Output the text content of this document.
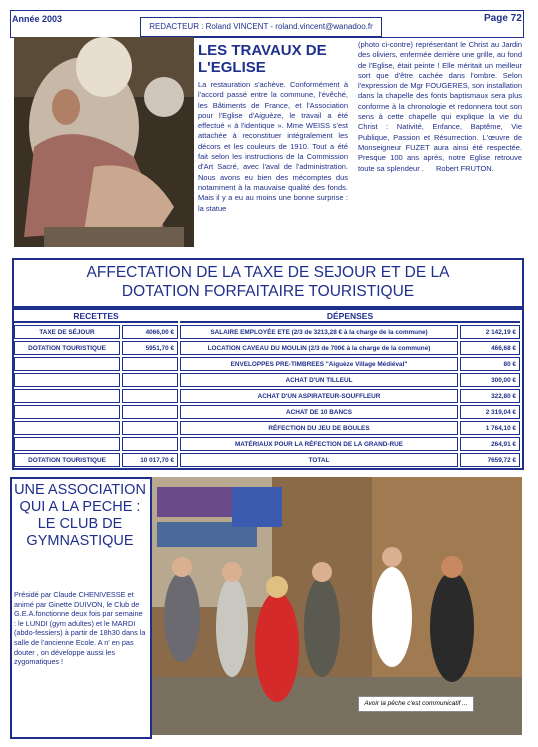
Année 2003
REDACTEUR : Roland VINCENT - roland.vincent@wanadoo.fr
Page 72
LES TRAVAUX DE L'EGLISE
La restauration s'achève. Conformément à l'accord passé entre la commune, l'évêché, les Bâtiments de France, et l'Association pour l'Eglise d'Aiguèze, le travail a été effectué « à l'identique ». Mme WEISS s'est attachée à reconstituer intégralement les décors et les couleurs de 1910. Tout a été fait selon les instructions de la Commission d'Art Sacré, avec l'aval de l'administration. Nous avons eu bien des mécomptes dus notamment à la mauvaise qualité des fonds. Mais il y a eu au moins une bonne surprise : la statue
(photo ci-contre) représentant le Christ au Jardin des oliviers, enfermée derrière une grille, au fond de l'Eglise, était peinte ! Elle méritait un meilleur sort que d'être cachée dans l'ombre. Selon l'expression de Mgr FOUGERES, son installation dans la chapelle des fonts baptismaux sera plus conforme à la chronologie et redonnera tout son sens à cette chapelle qui explique la vie du Christ : Nativité, Enfance, Baptême, Vie Publique, Passion et Résurrection. L'œuvre de Monseigneur FUZET aura ainsi été respectée. Presque 100 ans après, notre Eglise retrouve toute sa splendeur . Robert FRUTON.
AFFECTATION DE LA TAXE DE SEJOUR ET DE LA
DOTATION FORFAITAIRE TOURISTIQUE
RECETTES		DÉPENSES	
TAXE DE SÉJOUR	4066,00 €	SALAIRE EMPLOYÉE ETE (2/3 de 3213,28 € à la charge de la commune)	2 142,19 €
DOTATION TOURISTIQUE	5951,70 €	LOCATION CAVEAU DU MOULIN (2/3 de 700€ à la charge de la commune)	466,68 €
		ENVELOPPES PRE-TIMBREES "Aiguèze Village Médiéval"	80 €
		ACHAT D'UN TILLEUL	300,00 €
		ACHAT D'UN ASPIRATEUR-SOUFFLEUR	322,80 €
		ACHAT DE 10 BANCS	2 319,04 €
		RÉFECTION DU JEU DE BOULES	1 764,10 €
		MATÉRIAUX POUR LA RÉFECTION DE LA GRAND-RUE	264,91 €
DOTATION TOURISTIQUE	10 017,70 €	TOTAL	7659,72 €
UNE ASSOCIATION QUI A LA PECHE : LE CLUB DE GYMNASTIQUE
Présidé par Claude CHENIVESSE et animé par Ginette DUIVON, le Club de G.E.A.fonctionne deux fois par semaine : le LUNDI (gym adultes) et le MARDI (abdo-fessiers) à partir de 18h30 dans la salle de l'ancienne Ecole. A n' en pas douter , on développe aussi les zygomatiques !
Avoir la pêche c'est communicatif ...
